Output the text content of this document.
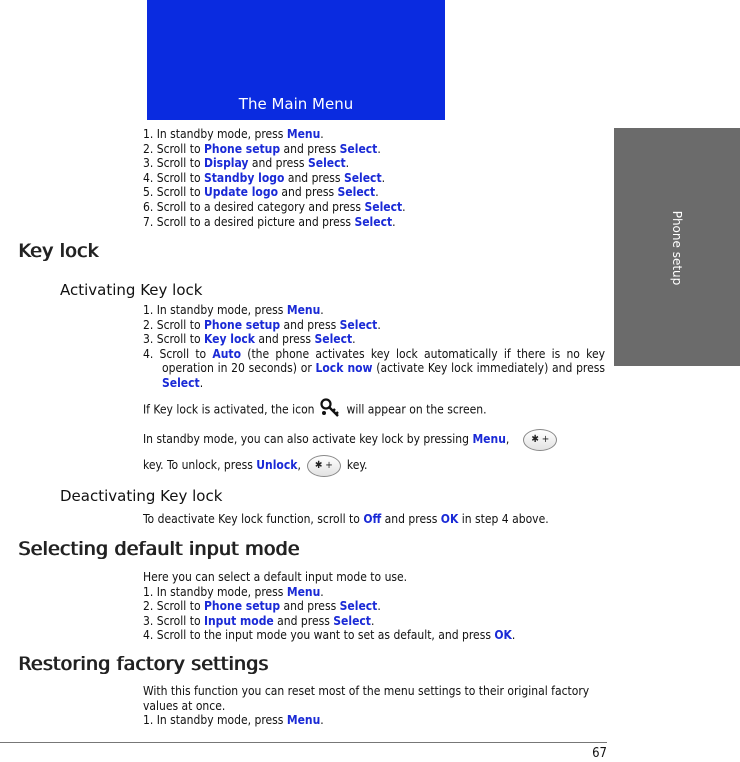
The Main Menu
Phone setup

1. In standby mode, press Menu.

2. Scroll to Phone setup and press Select.

3. Scroll to Display and press Select.

4. Scroll to Standby logo and press Select.

5. Scroll to Update logo and press Select.

6. Scroll to a desired category and press Select.

7. Scroll to a desired picture and press Select.

Key lock
Activating Key lock

1. In standby mode, press Menu.

2. Scroll to Phone setup and press Select.

3. Scroll to Key lock and press Select.

4. Scroll to Auto (the phone activates key lock automatically if there is no key operation in 20 seconds) or Lock now (activate Key lock immediately) and press Select.

If Key lock is activated, the icon	will appear on the screen.

In standby mode, you can also activate key lock by pressing Menu, ✱ +

key. To unlock, press Unlock, ✱ + key.

Deactivating Key lock

To deactivate Key lock function, scroll to Off and press OK in step 4 above.

Selecting default input mode

Here you can select a default input mode to use.

1. In standby mode, press Menu.

2. Scroll to Phone setup and press Select.

3. Scroll to Input mode and press Select.

4. Scroll to the input mode you want to set as default, and press OK.

Restoring factory settings

With this function you can reset most of the menu settings to their original factory values at once.

1. In standby mode, press Menu.

67
